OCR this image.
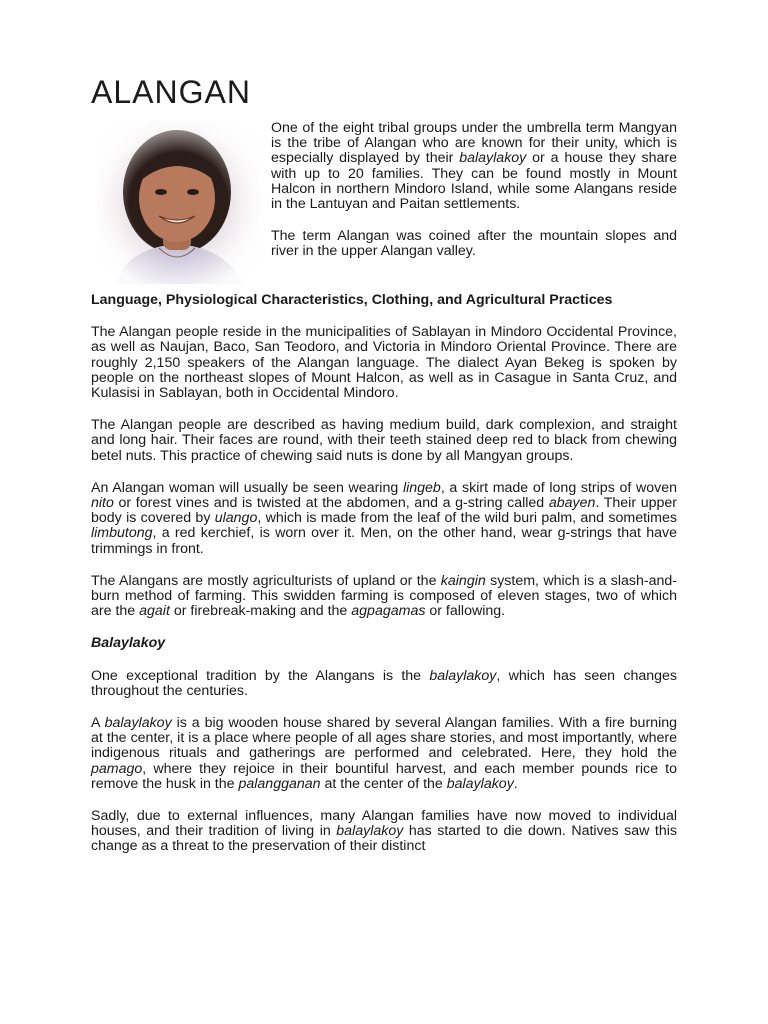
ALANGAN

One of the eight tribal groups under the umbrella term Mangyan is the tribe of Alangan who are known for their unity, which is especially displayed by their balaylakoy or a house they share with up to 20 families. They can be found mostly in Mount Halcon in northern Mindoro Island, while some Alangans reside in the Lantuyan and Paitan settlements.

The term Alangan was coined after the mountain slopes and river in the upper Alangan valley.

Language, Physiological Characteristics, Clothing, and Agricultural Practices

The Alangan people reside in the municipalities of Sablayan in Mindoro Occidental Province, as well as Naujan, Baco, San Teodoro, and Victoria in Mindoro Oriental Province. There are roughly 2,150 speakers of the Alangan language. The dialect Ayan Bekeg is spoken by people on the northeast slopes of Mount Halcon, as well as in Casague in Santa Cruz, and Kulasisi in Sablayan, both in Occidental Mindoro.

The Alangan people are described as having medium build, dark complexion, and straight and long hair. Their faces are round, with their teeth stained deep red to black from chewing betel nuts. This practice of chewing said nuts is done by all Mangyan groups.

An Alangan woman will usually be seen wearing lingeb, a skirt made of long strips of woven nito or forest vines and is twisted at the abdomen, and a g-string called abayen. Their upper body is covered by ulango, which is made from the leaf of the wild buri palm, and sometimes limbutong, a red kerchief, is worn over it. Men, on the other hand, wear g-strings that have trimmings in front.

The Alangans are mostly agriculturists of upland or the kaingin system, which is a slash-and-burn method of farming. This swidden farming is composed of eleven stages, two of which are the agait or firebreak-making and the agpagamas or fallowing.

Balaylakoy

One exceptional tradition by the Alangans is the balaylakoy, which has seen changes throughout the centuries.

A balaylakoy is a big wooden house shared by several Alangan families. With a fire burning at the center, it is a place where people of all ages share stories, and most importantly, where indigenous rituals and gatherings are performed and celebrated. Here, they hold the pamago, where they rejoice in their bountiful harvest, and each member pounds rice to remove the husk in the palangganan at the center of the balaylakoy.

Sadly, due to external influences, many Alangan families have now moved to individual houses, and their tradition of living in balaylakoy has started to die down. Natives saw this change as a threat to the preservation of their distinct
